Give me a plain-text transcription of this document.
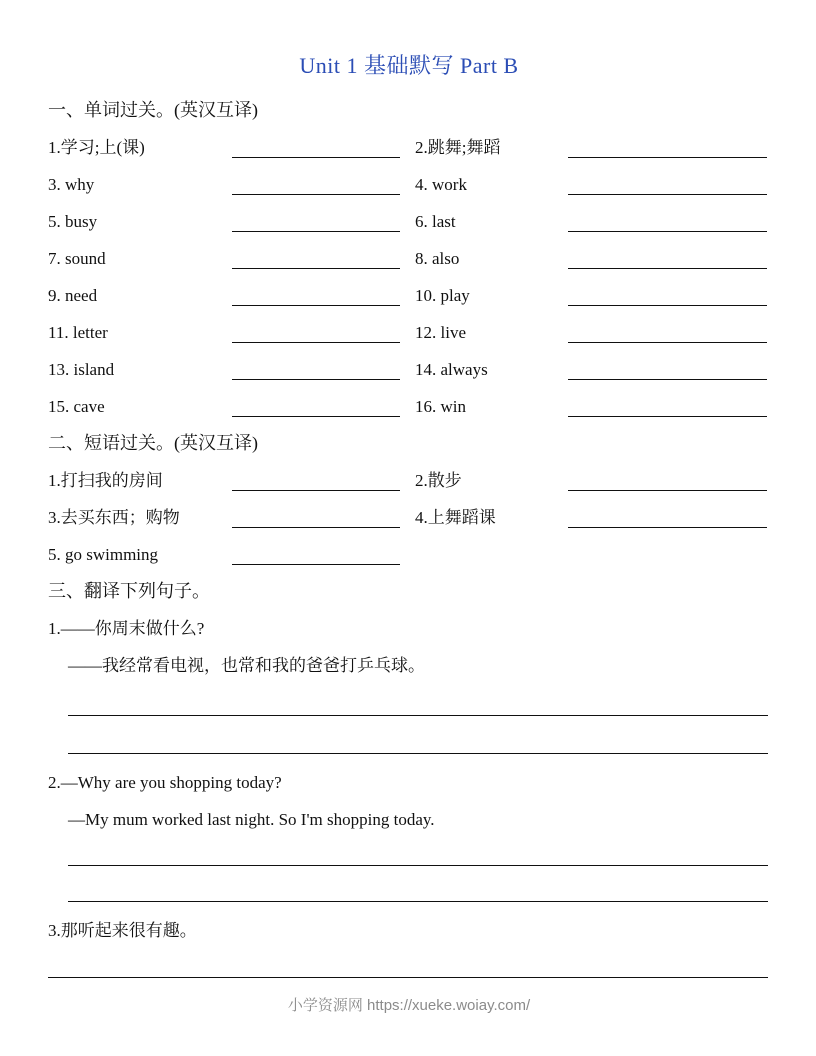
Unit 1 基础默写 Part B
一、单词过关。(英汉互译)
1.学习;上(课)	2.跳舞;舞蹈
3. why	4. work
5. busy	6. last
7. sound	8. also
9. need	10. play
11. letter	12. live
13. island	14. always
15. cave	16. win
二、短语过关。(英汉互译)
1.打扫我的房间	2.散步
3.去买东西；购物	4.上舞蹈课
5. go swimming
三、翻译下列句子。
1.——你周末做什么?
——我经常看电视，也常和我的爸爸打乒乓球。
2.—Why are you shopping today?
—My mum worked last night. So I'm shopping today.
3.那听起来很有趣。
小学资源网 https://xueke.woiay.com/
